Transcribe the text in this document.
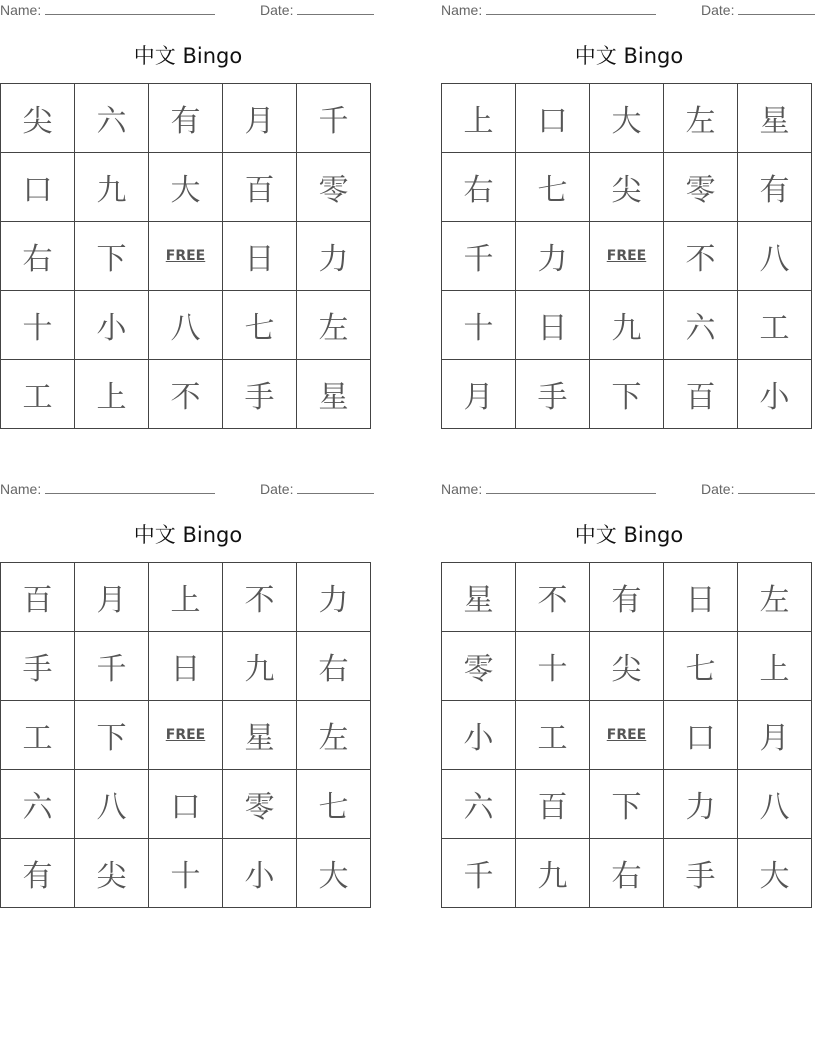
Name:	Date:
中文 Bingo
尖	六	有	月	千
口	九	大	百	零
右	下	FREE	日	力
十	小	八	七	左
工	上	不	手	星
Name:	Date:
中文 Bingo
上	口	大	左	星
右	七	尖	零	有
千	力	FREE	不	八
十	日	九	六	工
月	手	下	百	小
Name:	Date:
中文 Bingo
百	月	上	不	力
手	千	日	九	右
工	下	FREE	星	左
六	八	口	零	七
有	尖	十	小	大
Name:	Date:
中文 Bingo
星	不	有	日	左
零	十	尖	七	上
小	工	FREE	口	月
六	百	下	力	八
千	九	右	手	大
